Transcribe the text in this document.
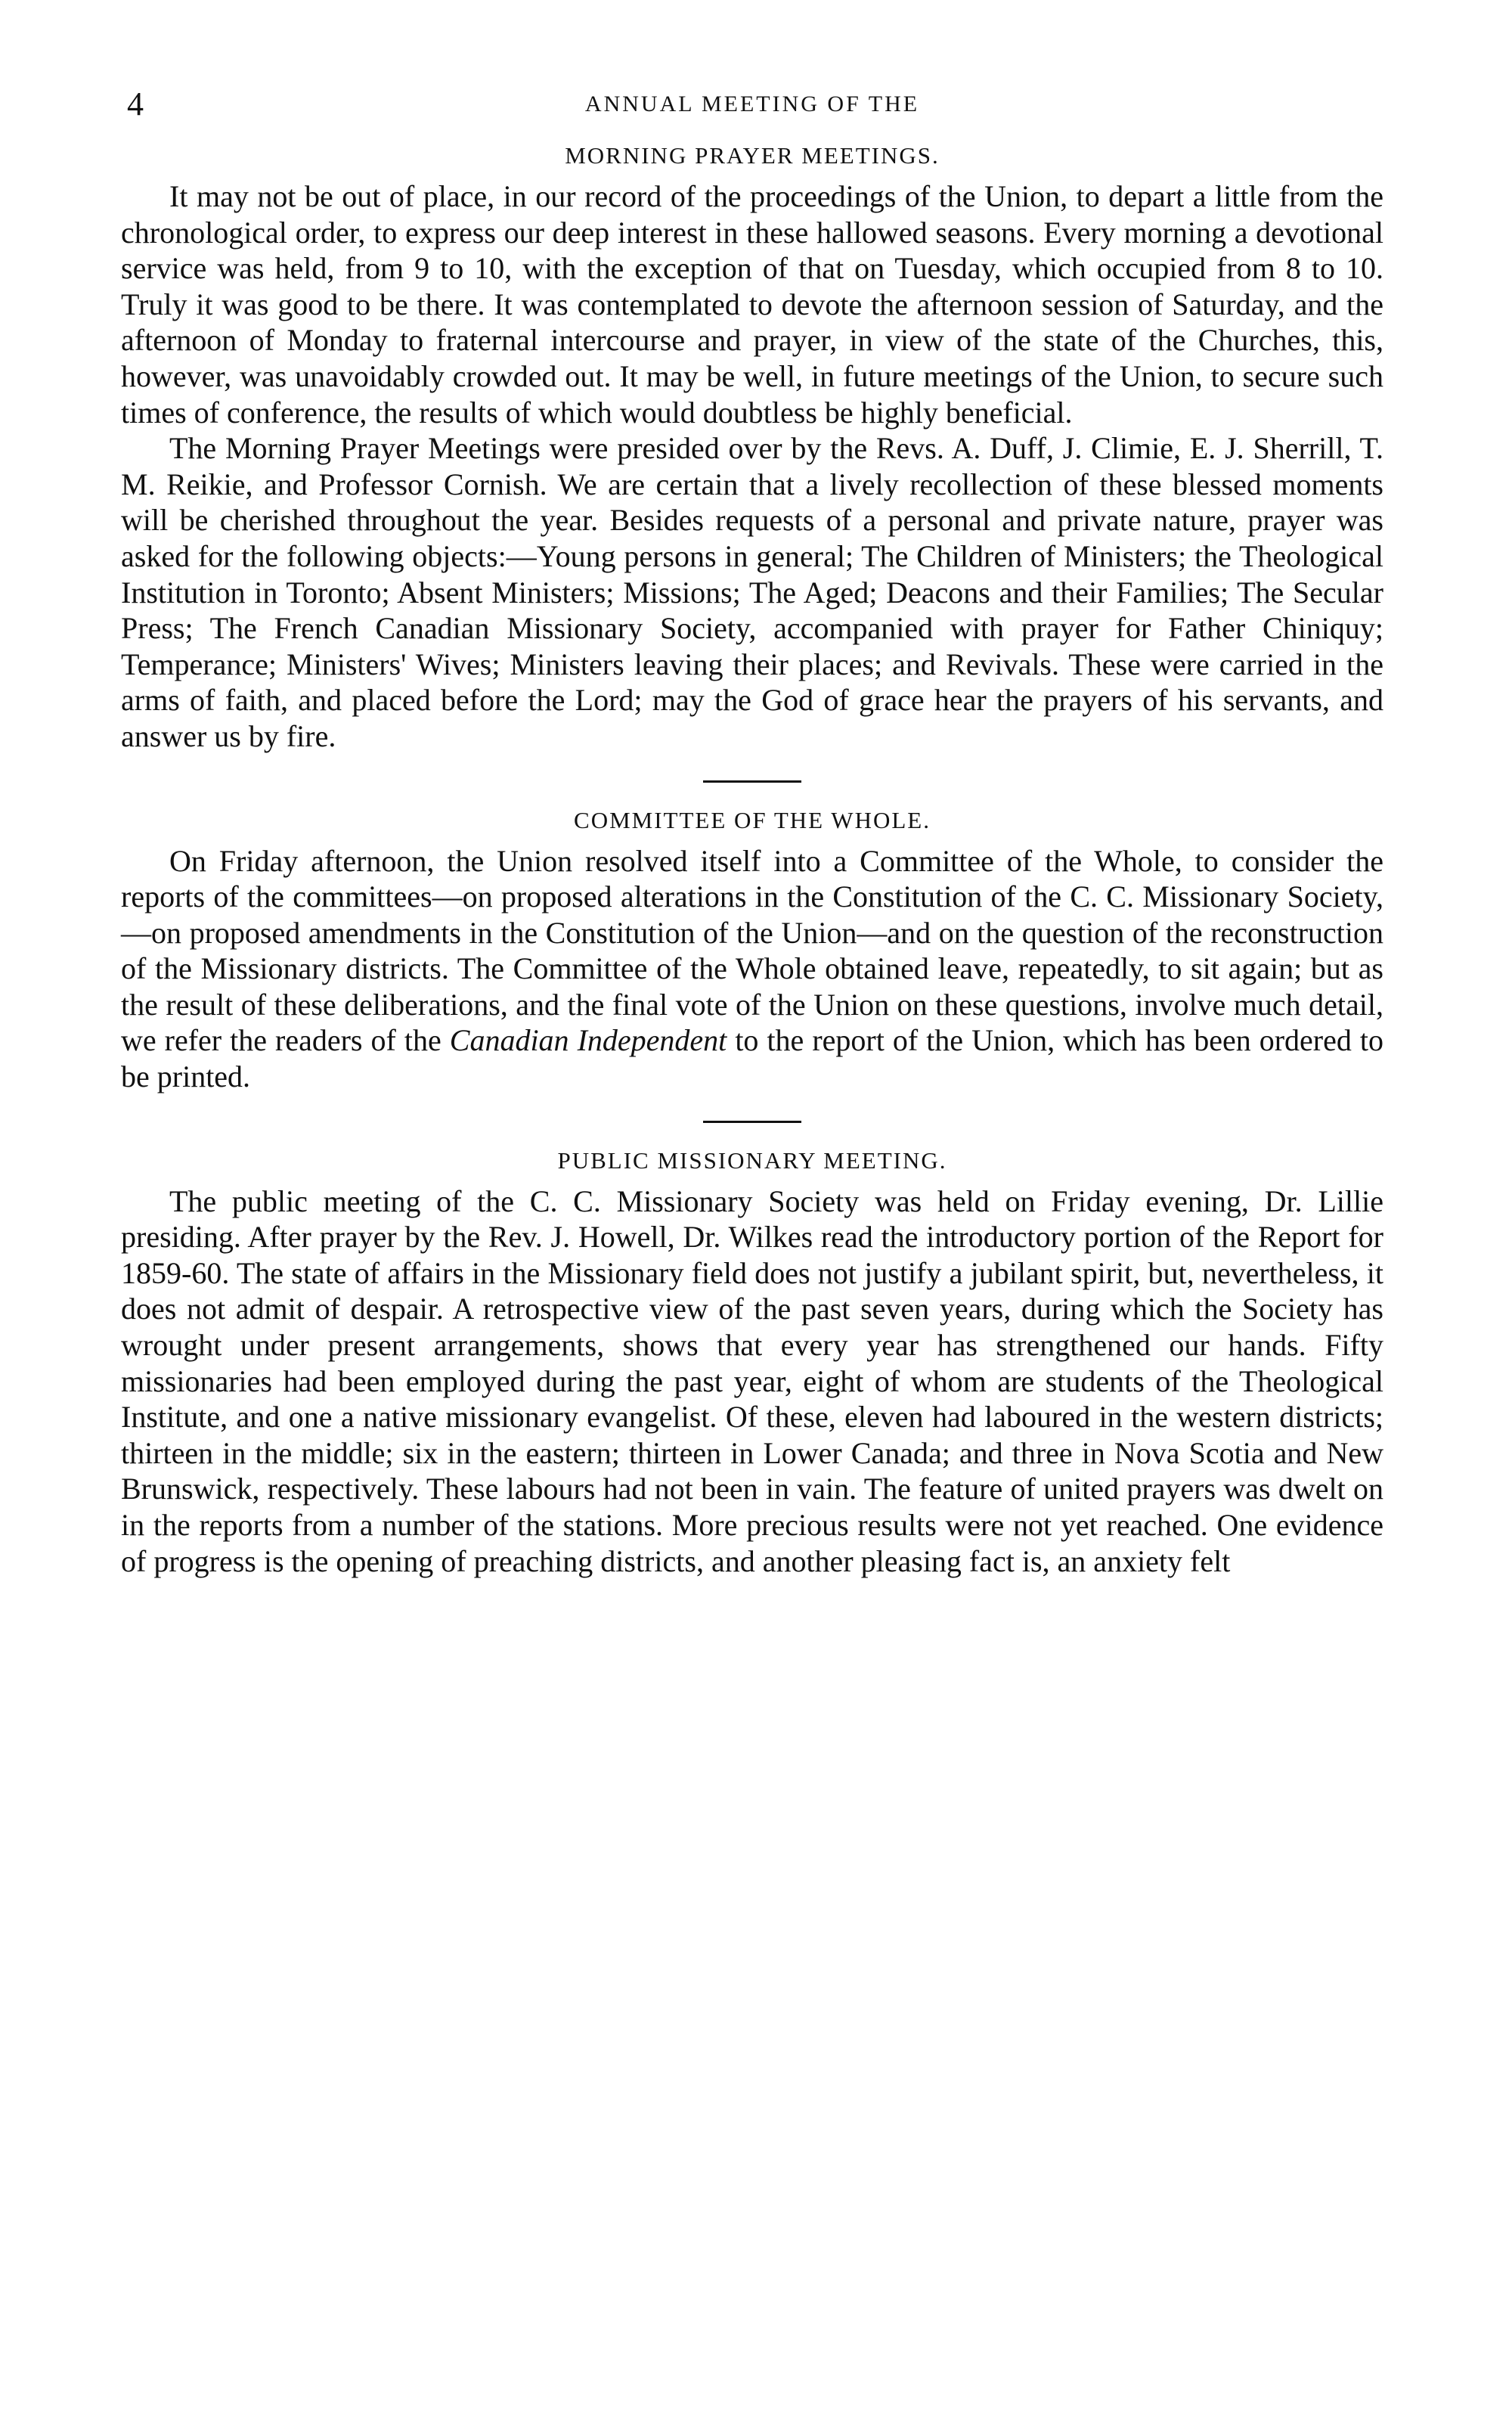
4	ANNUAL MEETING OF THE
MORNING PRAYER MEETINGS.

It may not be out of place, in our record of the proceedings of the Union, to depart a little from the chronological order, to express our deep interest in these hallowed seasons. Every morning a devotional service was held, from 9 to 10, with the exception of that on Tuesday, which occupied from 8 to 10. Truly it was good to be there. It was contemplated to devote the afternoon session of Saturday, and the afternoon of Monday to fraternal intercourse and prayer, in view of the state of the Churches, this, however, was unavoidably crowded out. It may be well, in future meetings of the Union, to secure such times of conference, the results of which would doubtless be highly beneficial.

The Morning Prayer Meetings were presided over by the Revs. A. Duff, J. Climie, E. J. Sherrill, T. M. Reikie, and Professor Cornish. We are certain that a lively recollection of these blessed moments will be cherished throughout the year. Besides requests of a personal and private nature, prayer was asked for the following objects:—Young persons in general; The Children of Ministers; the Theological Institution in Toronto; Absent Ministers; Missions; The Aged; Deacons and their Families; The Secular Press; The French Canadian Missionary Society, accompanied with prayer for Father Chiniquy; Temperance; Ministers' Wives; Ministers leaving their places; and Revivals. These were carried in the arms of faith, and placed before the Lord; may the God of grace hear the prayers of his servants, and answer us by fire.

COMMITTEE OF THE WHOLE.

On Friday afternoon, the Union resolved itself into a Committee of the Whole, to consider the reports of the committees—on proposed alterations in the Constitution of the C. C. Missionary Society,—on proposed amendments in the Constitution of the Union—and on the question of the reconstruction of the Missionary districts. The Committee of the Whole obtained leave, repeatedly, to sit again; but as the result of these deliberations, and the final vote of the Union on these questions, involve much detail, we refer the readers of the Canadian Independent to the report of the Union, which has been ordered to be printed.

PUBLIC MISSIONARY MEETING.

The public meeting of the C. C. Missionary Society was held on Friday evening, Dr. Lillie presiding. After prayer by the Rev. J. Howell, Dr. Wilkes read the introductory portion of the Report for 1859-60. The state of affairs in the Missionary field does not justify a jubilant spirit, but, nevertheless, it does not admit of despair. A retrospective view of the past seven years, during which the Society has wrought under present arrangements, shows that every year has strengthened our hands. Fifty missionaries had been employed during the past year, eight of whom are students of the Theological Institute, and one a native missionary evangelist. Of these, eleven had laboured in the western districts; thirteen in the middle; six in the eastern; thirteen in Lower Canada; and three in Nova Scotia and New Brunswick, respectively. These labours had not been in vain. The feature of united prayers was dwelt on in the reports from a number of the stations. More precious results were not yet reached. One evidence of progress is the opening of preaching districts, and another pleasing fact is, an anxiety felt
